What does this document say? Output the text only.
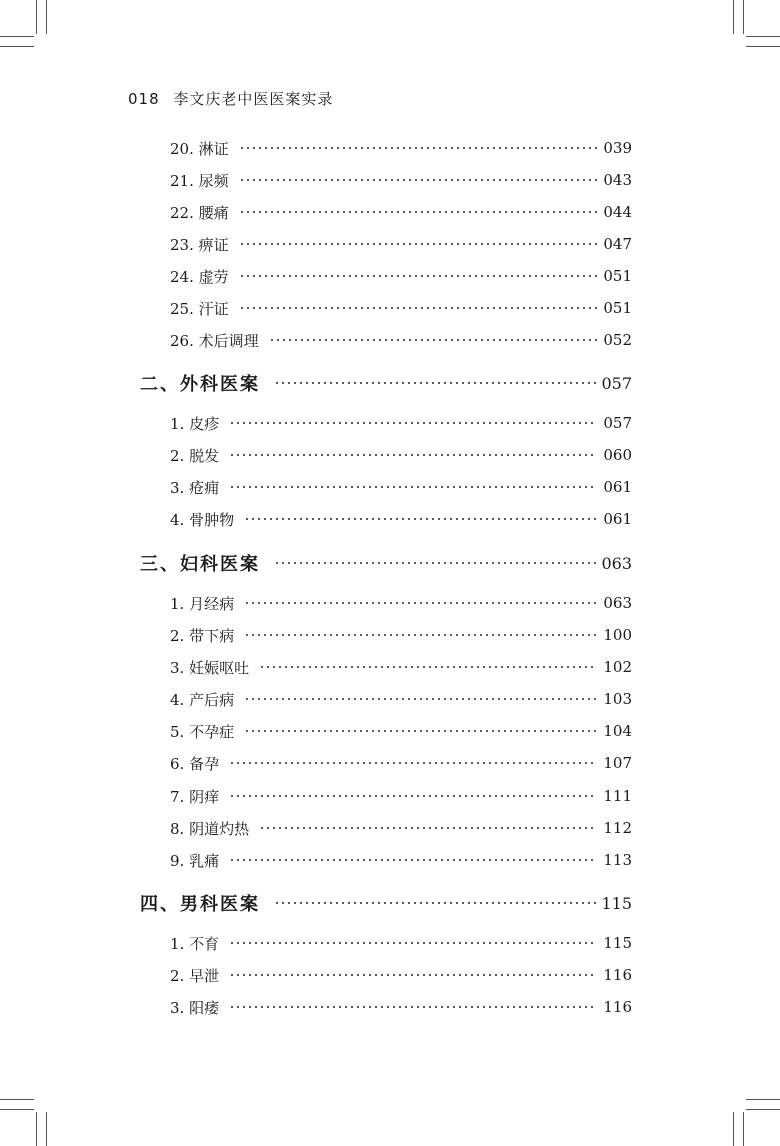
018 李文庆老中医医案实录
20. 淋证	039
21. 尿频	043
22. 腰痛	044
23. 痹证	047
24. 虚劳	051
25. 汗证	051
26. 术后调理	052
二、外科医案	057
1. 皮疹	057
2. 脱发	060
3. 疮痈	061
4. 骨肿物	061
三、妇科医案	063
1. 月经病	063
2. 带下病	100
3. 妊娠呕吐	102
4. 产后病	103
5. 不孕症	104
6. 备孕	107
7. 阴痒	111
8. 阴道灼热	112
9. 乳痛	113
四、男科医案	115
1. 不育	115
2. 早泄	116
3. 阳痿	116
